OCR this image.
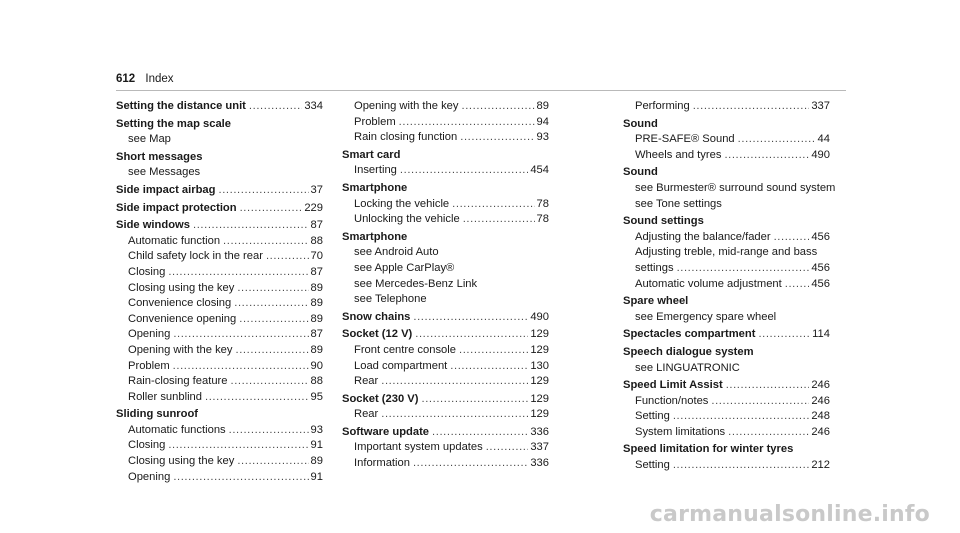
612 Index
Setting the distance unit .....	334
Setting the map scale
see Map
Short messages
see Messages
Side impact airbag .....	37
Side impact protection .....	229
Side windows .....	87
Automatic function .....	88
Child safety lock in the rear .....	70
Closing .....	87
Closing using the key .....	89
Convenience closing .....	89
Convenience opening .....	89
Opening .....	87
Opening with the key .....	89
Problem .....	90
Rain-closing feature .....	88
Roller sunblind .....	95
Sliding sunroof
Automatic functions .....	93
Closing .....	91
Closing using the key .....	89
Opening .....	91
Opening with the key .....	89
Problem .....	94
Rain closing function .....	93
Smart card
Inserting .....	454
Smartphone
Locking the vehicle .....	78
Unlocking the vehicle .....	78
Smartphone
see Android Auto
see Apple CarPlay®
see Mercedes-Benz Link
see Telephone
Snow chains .....	490
Socket (12 V) .....	129
Front centre console .....	129
Load compartment .....	130
Rear .....	129
Socket (230 V) .....	129
Rear .....	129
Software update .....	336
Important system updates .....	337
Information .....	336
Performing .....	337
Sound
PRE-SAFE® Sound .....	44
Wheels and tyres .....	490
Sound
see Burmester® surround sound system
see Tone settings
Sound settings
Adjusting the balance/fader .....	456
Adjusting treble, mid-range and bass
settings .....	456
Automatic volume adjustment .....	456
Spare wheel
see Emergency spare wheel
Spectacles compartment .....	114
Speech dialogue system
see LINGUATRONIC
Speed Limit Assist .....	246
Function/notes .....	246
Setting .....	248
System limitations .....	246
Speed limitation for winter tyres
Setting .....	212
carmanualsonline.info
